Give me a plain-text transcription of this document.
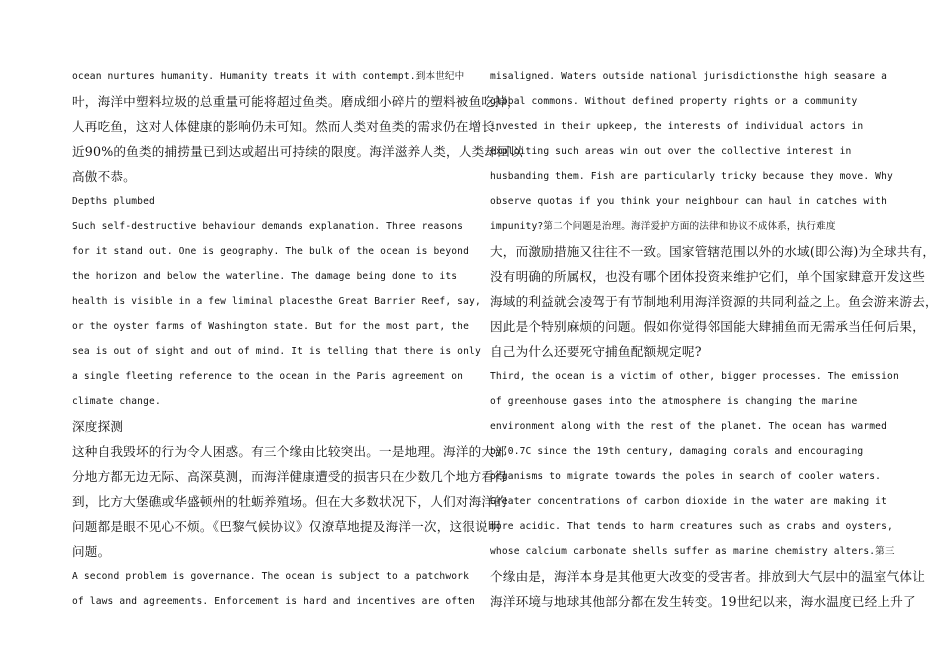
ocean nurtures humanity. Humanity treats it with contempt.到本世纪中
叶，海洋中塑料垃圾的总重量可能将超过鱼类。磨成细小碎片的塑料被鱼吃掉，
人再吃鱼，这对人体健康的影响仍未可知。然而人类对鱼类的需求仍在增长：
近90%的鱼类的捕捞量已到达或超出可持续的限度。海洋滋养人类，人类却回以
高傲不恭。
Depths plumbed
Such self-destructive behaviour demands explanation. Three reasons
for it stand out. One is geography. The bulk of the ocean is beyond
the horizon and below the waterline. The damage being done to its
health is visible in a few liminal placesthe Great Barrier Reef, say,
or the oyster farms of Washington state. But for the most part, the
sea is out of sight and out of mind. It is telling that there is only
a single fleeting reference to the ocean in the Paris agreement on
climate change.
深度探测
这种自我毁坏的行为令人困惑。有三个缘由比较突出。一是地理。海洋的大部
分地方都无边无际、高深莫测，而海洋健康遭受的损害只在少数几个地方看得
到，比方大堡礁或华盛顿州的牡蛎养殖场。但在大多数状况下，人们对海洋的
问题都是眼不见心不烦。《巴黎气候协议》仅潦草地提及海洋一次，这很说明
问题。
A second problem is governance. The ocean is subject to a patchwork
of laws and agreements. Enforcement is hard and incentives are often
misaligned. Waters outside national jurisdictionsthe high seasare a
global commons. Without defined property rights or a community
invested in their upkeep, the interests of individual actors in
exploiting such areas win out over the collective interest in
husbanding them. Fish are particularly tricky because they move. Why
observe quotas if you think your neighbour can haul in catches with
impunity?第二个问题是治理。海洋爱护方面的法律和协议不成体系，执行难度
大，而激励措施又往往不一致。国家管辖范围以外的水域(即公海)为全球共有，
没有明确的所属权，也没有哪个团体投资来维护它们，单个国家肆意开发这些
海域的利益就会凌驾于有节制地利用海洋资源的共同利益之上。鱼会游来游去，
因此是个特别麻烦的问题。假如你觉得邻国能大肆捕鱼而无需承当任何后果，
自己为什么还要死守捕鱼配额规定呢?
Third, the ocean is a victim of other, bigger processes. The emission
of greenhouse gases into the atmosphere is changing the marine
environment along with the rest of the planet. The ocean has warmed
by 0.7C since the 19th century, damaging corals and encouraging
organisms to migrate towards the poles in search of cooler waters.
Greater concentrations of carbon dioxide in the water are making it
more acidic. That tends to harm creatures such as crabs and oysters,
whose calcium carbonate shells suffer as marine chemistry alters.第三
个缘由是，海洋本身是其他更大改变的受害者。排放到大气层中的温室气体让
海洋环境与地球其他部分都在发生转变。19世纪以来，海水温度已经上升了
